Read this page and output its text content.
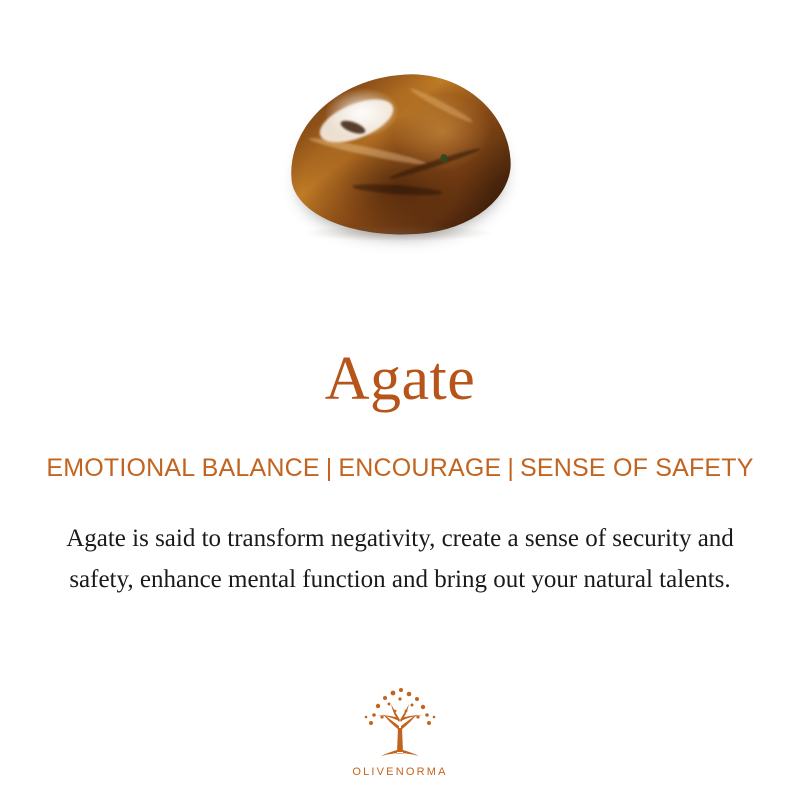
Agate
EMOTIONAL BALANCE | ENCOURAGE | SENSE OF SAFETY
Agate is said to transform negativity, create a sense of security and safety, enhance mental function and bring out your natural talents.
OLIVENORMA
